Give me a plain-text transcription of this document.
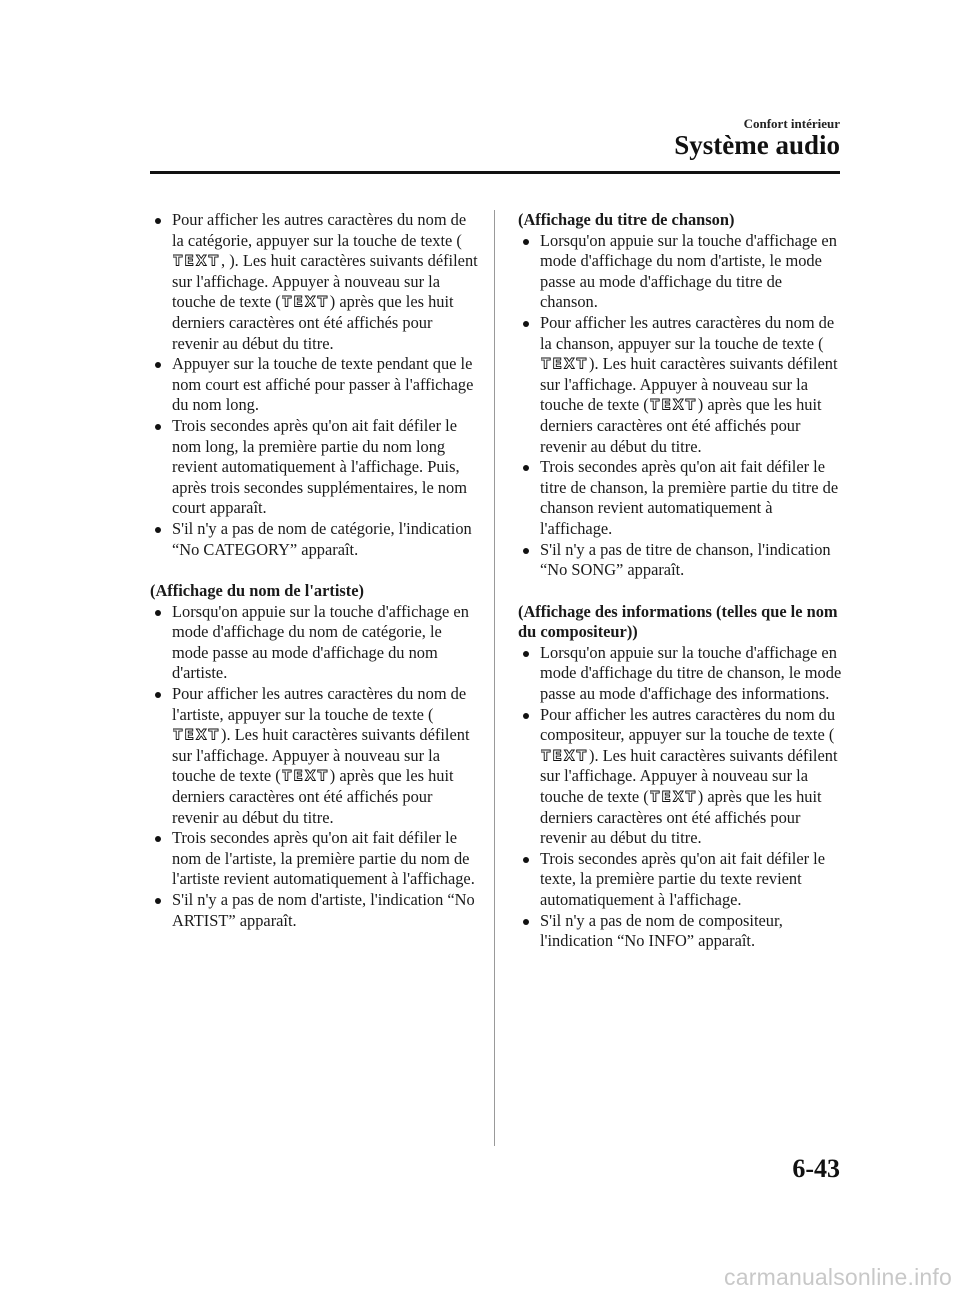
Confort intérieur
Système audio
Pour afficher les autres caractères du nom de la catégorie, appuyer sur la touche de texte (
TEXT , ). Les huit caractères suivants défilent sur l'affichage. Appuyer à nouveau sur la touche de texte ( TEXT ) après que les huit derniers caractères ont été affichés pour revenir au début du titre.
Appuyer sur la touche de texte pendant que le nom court est affiché pour passer à l'affichage du nom long.
Trois secondes après qu'on ait fait défiler le nom long, la première partie du nom long revient automatiquement à l'affichage. Puis, après trois secondes supplémentaires, le nom court apparaît.
S'il n'y a pas de nom de catégorie, l'indication “No CATEGORY” apparaît.

(Affichage du nom de l'artiste)

Lorsqu'on appuie sur la touche d'affichage en mode d'affichage du nom de catégorie, le mode passe au mode d'affichage du nom d'artiste.
Pour afficher les autres caractères du nom de l'artiste, appuyer sur la touche de texte (
TEXT ). Les huit caractères suivants défilent sur l'affichage. Appuyer à nouveau sur la touche de texte ( TEXT ) après que les huit derniers caractères ont été affichés pour revenir au début du titre.
Trois secondes après qu'on ait fait défiler le nom de l'artiste, la première partie du nom de l'artiste revient automatiquement à l'affichage.
S'il n'y a pas de nom d'artiste, l'indication “No ARTIST” apparaît.

(Affichage du titre de chanson)

Lorsqu'on appuie sur la touche d'affichage en mode d'affichage du nom d'artiste, le mode passe au mode d'affichage du titre de chanson.
Pour afficher les autres caractères du nom de la chanson, appuyer sur la touche de texte (
TEXT ). Les huit caractères suivants défilent sur l'affichage. Appuyer à nouveau sur la touche de texte ( TEXT ) après que les huit derniers caractères ont été affichés pour revenir au début du titre.
Trois secondes après qu'on ait fait défiler le titre de chanson, la première partie du titre de chanson revient automatiquement à l'affichage.
S'il n'y a pas de titre de chanson, l'indication “No SONG” apparaît.

(Affichage des informations (telles que le nom du compositeur))

Lorsqu'on appuie sur la touche d'affichage en mode d'affichage du titre de chanson, le mode passe au mode d'affichage des informations.
Pour afficher les autres caractères du nom du compositeur, appuyer sur la touche de texte (
TEXT ). Les huit caractères suivants défilent sur l'affichage. Appuyer à nouveau sur la touche de texte ( TEXT ) après que les huit derniers caractères ont été affichés pour revenir au début du titre.
Trois secondes après qu'on ait fait défiler le texte, la première partie du texte revient automatiquement à l'affichage.
S'il n'y a pas de nom de compositeur, l'indication “No INFO” apparaît.
6-43
carmanualsonline.info
